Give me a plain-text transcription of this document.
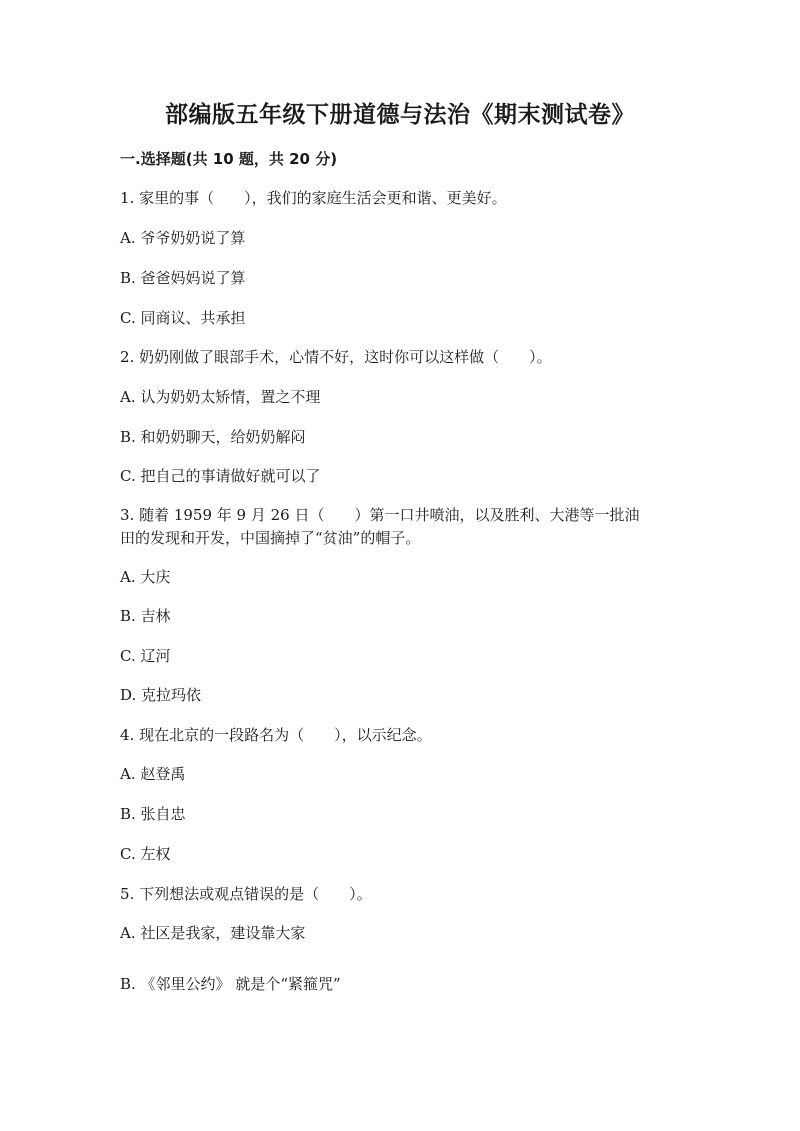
部编版五年级下册道德与法治《期末测试卷》
一.选择题(共 10 题，共 20 分)
1. 家里的事（　　），我们的家庭生活会更和谐、更美好。
A. 爷爷奶奶说了算
B. 爸爸妈妈说了算
C. 同商议、共承担
2. 奶奶刚做了眼部手术，心情不好，这时你可以这样做（　　）。
A. 认为奶奶太矫情，置之不理
B. 和奶奶聊天，给奶奶解闷
C. 把自己的事请做好就可以了
3. 随着 1959 年 9 月 26 日（　　）第一口井喷油，以及胜利、大港等一批油
田的发现和开发，中国摘掉了“贫油”的帽子。
A. 大庆
B. 吉林
C. 辽河
D. 克拉玛依
4. 现在北京的一段路名为（　　），以示纪念。
A. 赵登禹
B. 张自忠
C. 左权
5. 下列想法或观点错误的是（　　）。
A. 社区是我家，建设靠大家
B. 《邻里公约》 就是个“紧箍咒”
